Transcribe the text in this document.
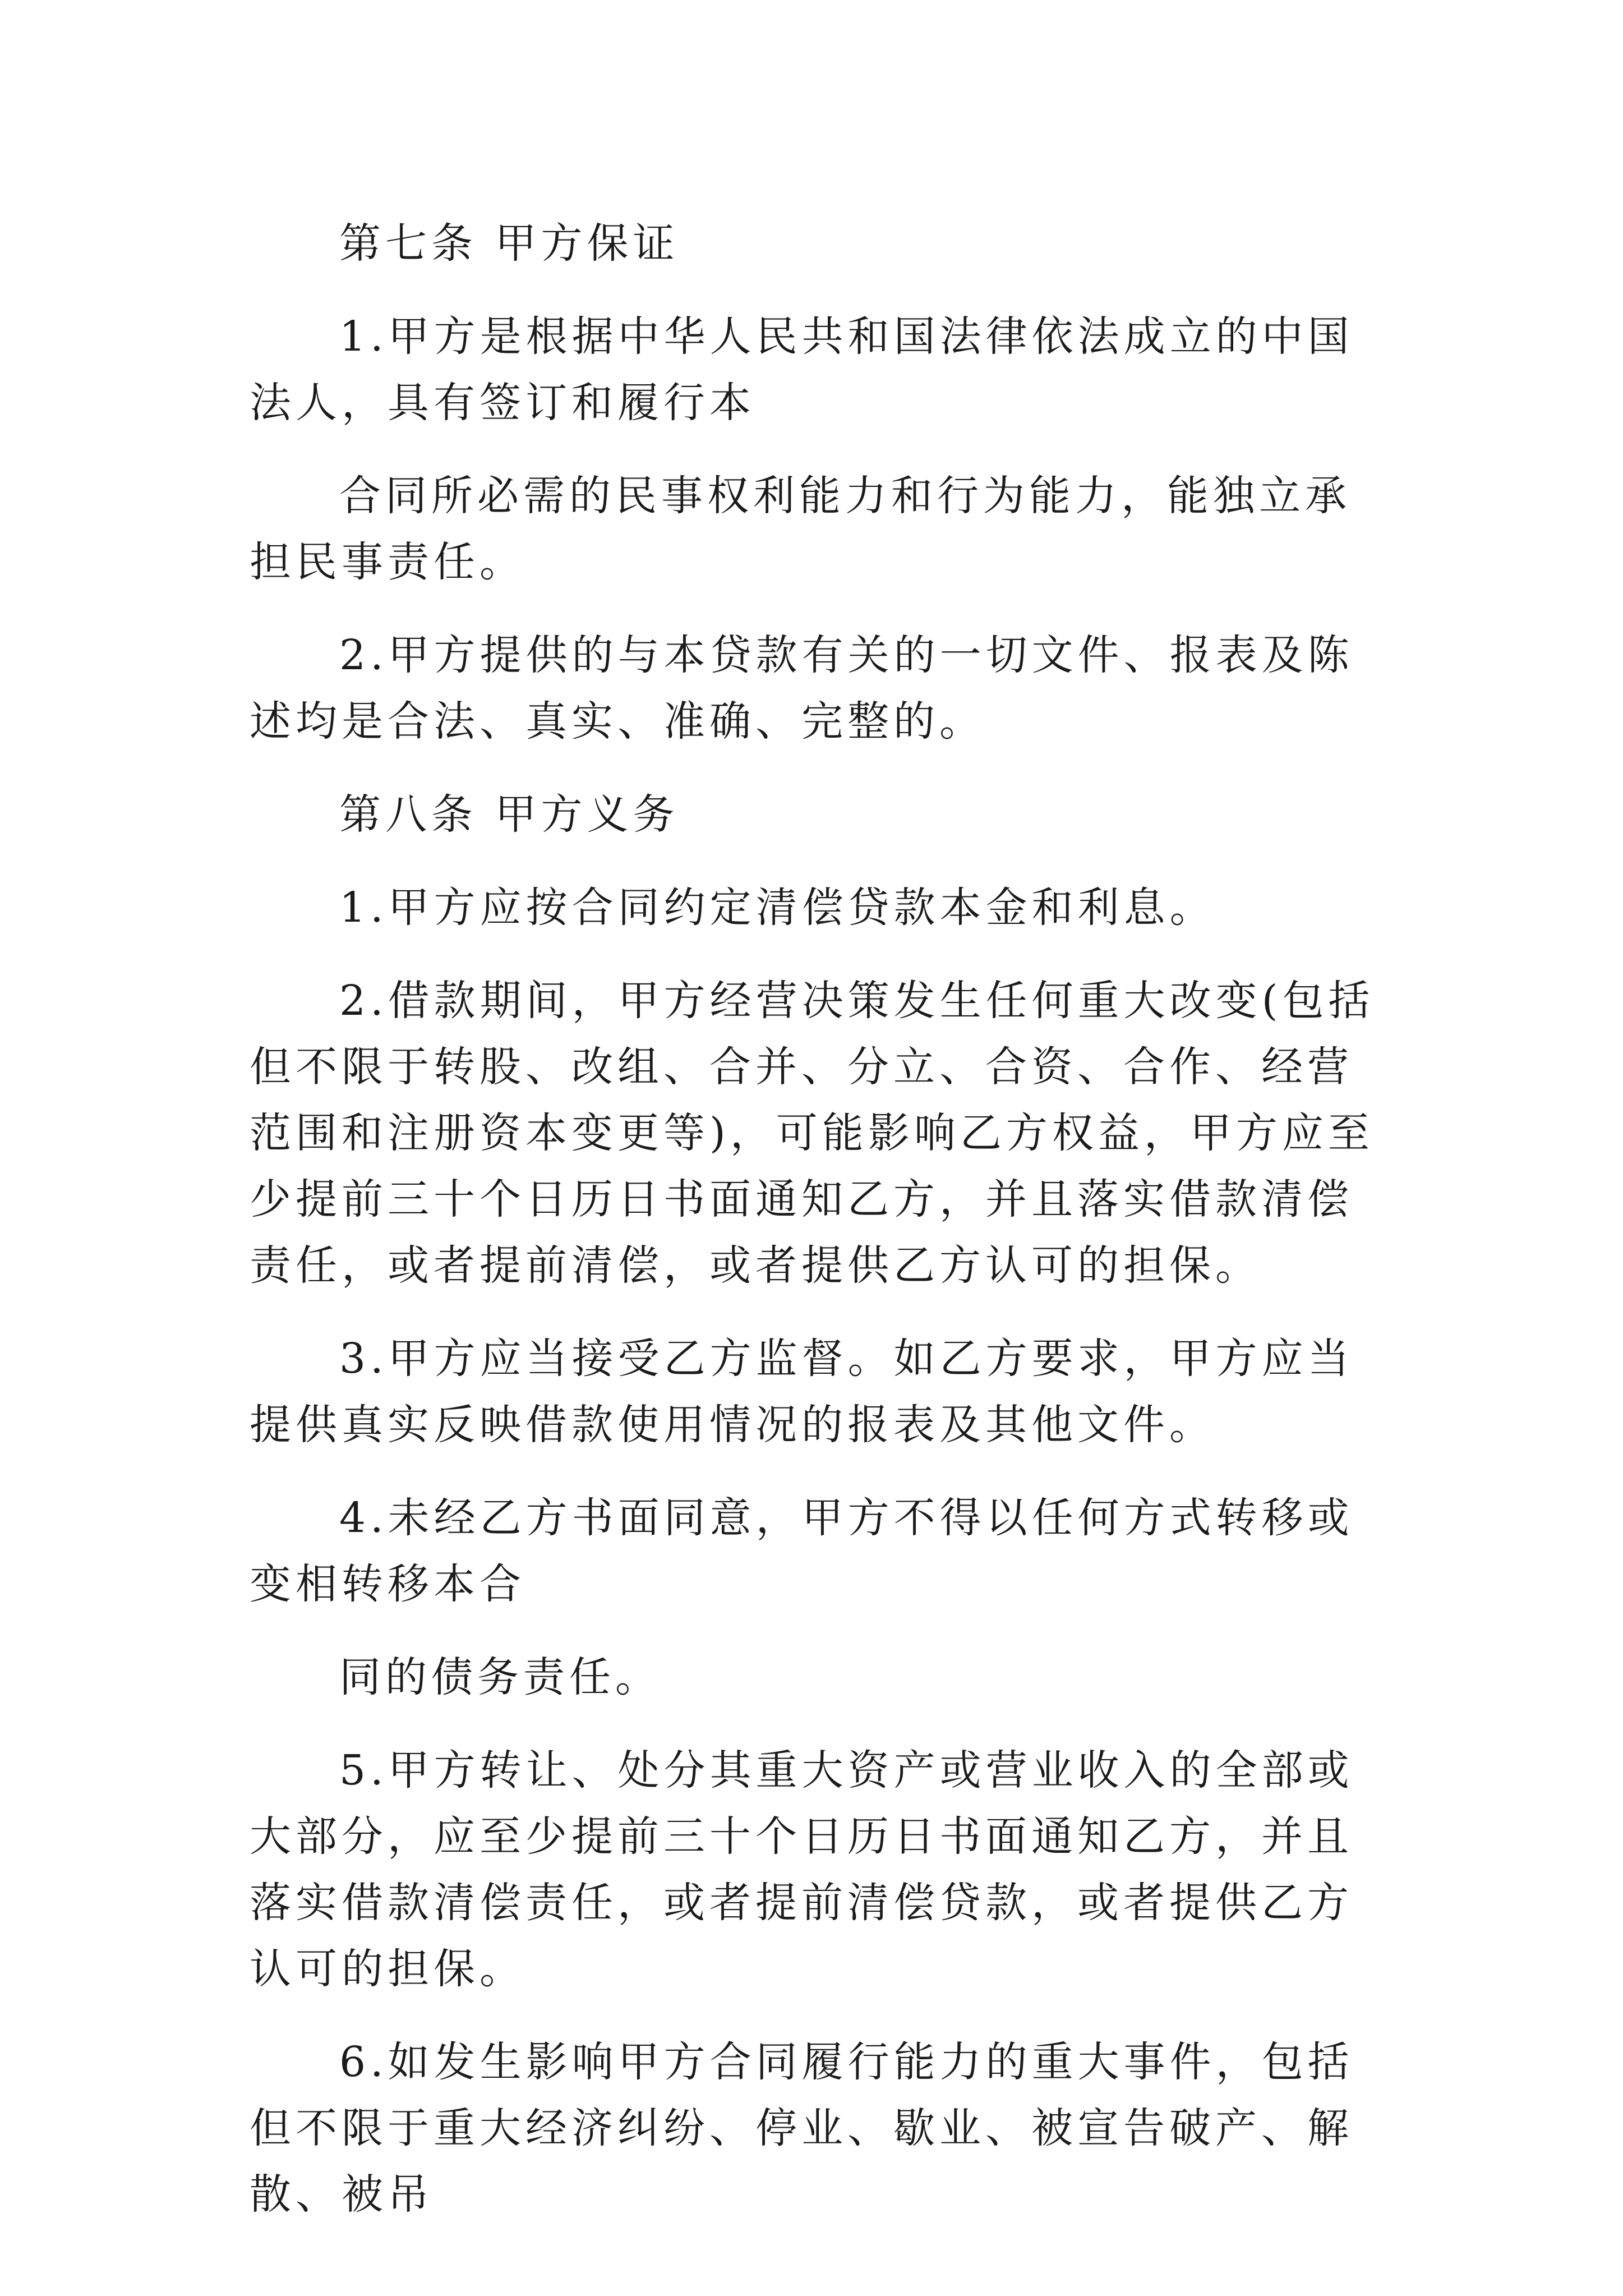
第七条 甲方保证

1.甲方是根据中华人民共和国法律依法成立的中国法人，具有签订和履行本

合同所必需的民事权利能力和行为能力，能独立承担民事责任。

2.甲方提供的与本贷款有关的一切文件、报表及陈述均是合法、真实、准确、完整的。

第八条 甲方义务

1.甲方应按合同约定清偿贷款本金和利息。

2.借款期间，甲方经营决策发生任何重大改变(包括但不限于转股、改组、合并、分立、合资、合作、经营范围和注册资本变更等)，可能影响乙方权益，甲方应至少提前三十个日历日书面通知乙方，并且落实借款清偿责任，或者提前清偿，或者提供乙方认可的担保。

3.甲方应当接受乙方监督。如乙方要求，甲方应当提供真实反映借款使用情况的报表及其他文件。

4.未经乙方书面同意，甲方不得以任何方式转移或变相转移本合

同的债务责任。

5.甲方转让、处分其重大资产或营业收入的全部或大部分，应至少提前三十个日历日书面通知乙方，并且落实借款清偿责任，或者提前清偿贷款，或者提供乙方认可的担保。

6.如发生影响甲方合同履行能力的重大事件，包括但不限于重大经济纠纷、停业、歇业、被宣告破产、解散、被吊
